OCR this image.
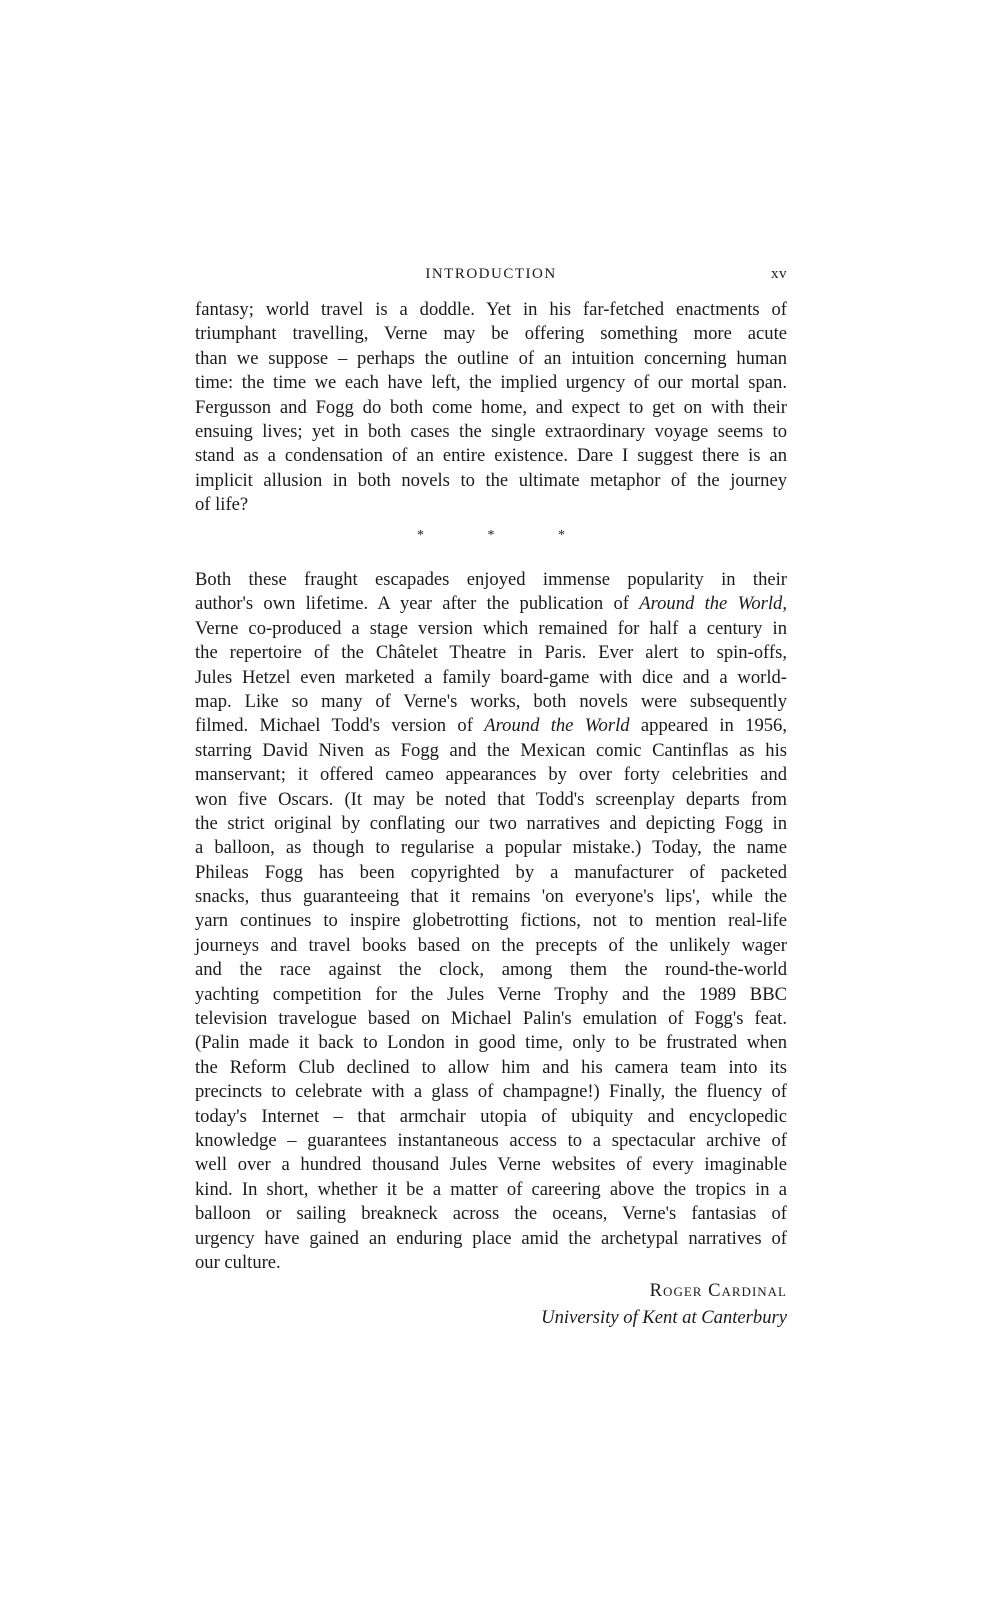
INTRODUCTION	xv
fantasy; world travel is a doddle. Yet in his far-fetched enactments of
triumphant travelling, Verne may be offering something more acute
than we suppose – perhaps the outline of an intuition concerning human
time: the time we each have left, the implied urgency of our mortal span.
Fergusson and Fogg do both come home, and expect to get on with their
ensuing lives; yet in both cases the single extraordinary voyage seems to
stand as a condensation of an entire existence. Dare I suggest there is an
implicit allusion in both novels to the ultimate metaphor of the journey
of life?
* * *
Both these fraught escapades enjoyed immense popularity in their
author's own lifetime. A year after the publication of Around the World,
Verne co-produced a stage version which remained for half a century in
the repertoire of the Châtelet Theatre in Paris. Ever alert to spin-offs,
Jules Hetzel even marketed a family board-game with dice and a world-
map. Like so many of Verne's works, both novels were subsequently
filmed. Michael Todd's version of Around the World appeared in 1956,
starring David Niven as Fogg and the Mexican comic Cantinflas as his
manservant; it offered cameo appearances by over forty celebrities and
won five Oscars. (It may be noted that Todd's screenplay departs from
the strict original by conflating our two narratives and depicting Fogg in
a balloon, as though to regularise a popular mistake.) Today, the name
Phileas Fogg has been copyrighted by a manufacturer of packeted
snacks, thus guaranteeing that it remains 'on everyone's lips', while the
yarn continues to inspire globetrotting fictions, not to mention real-life
journeys and travel books based on the precepts of the unlikely wager
and the race against the clock, among them the round-the-world
yachting competition for the Jules Verne Trophy and the 1989 BBC
television travelogue based on Michael Palin's emulation of Fogg's feat.
(Palin made it back to London in good time, only to be frustrated when
the Reform Club declined to allow him and his camera team into its
precincts to celebrate with a glass of champagne!) Finally, the fluency of
today's Internet – that armchair utopia of ubiquity and encyclopedic
knowledge – guarantees instantaneous access to a spectacular archive of
well over a hundred thousand Jules Verne websites of every imaginable
kind. In short, whether it be a matter of careering above the tropics in a
balloon or sailing breakneck across the oceans, Verne's fantasias of
urgency have gained an enduring place amid the archetypal narratives of
our culture.
Roger Cardinal
University of Kent at Canterbury
